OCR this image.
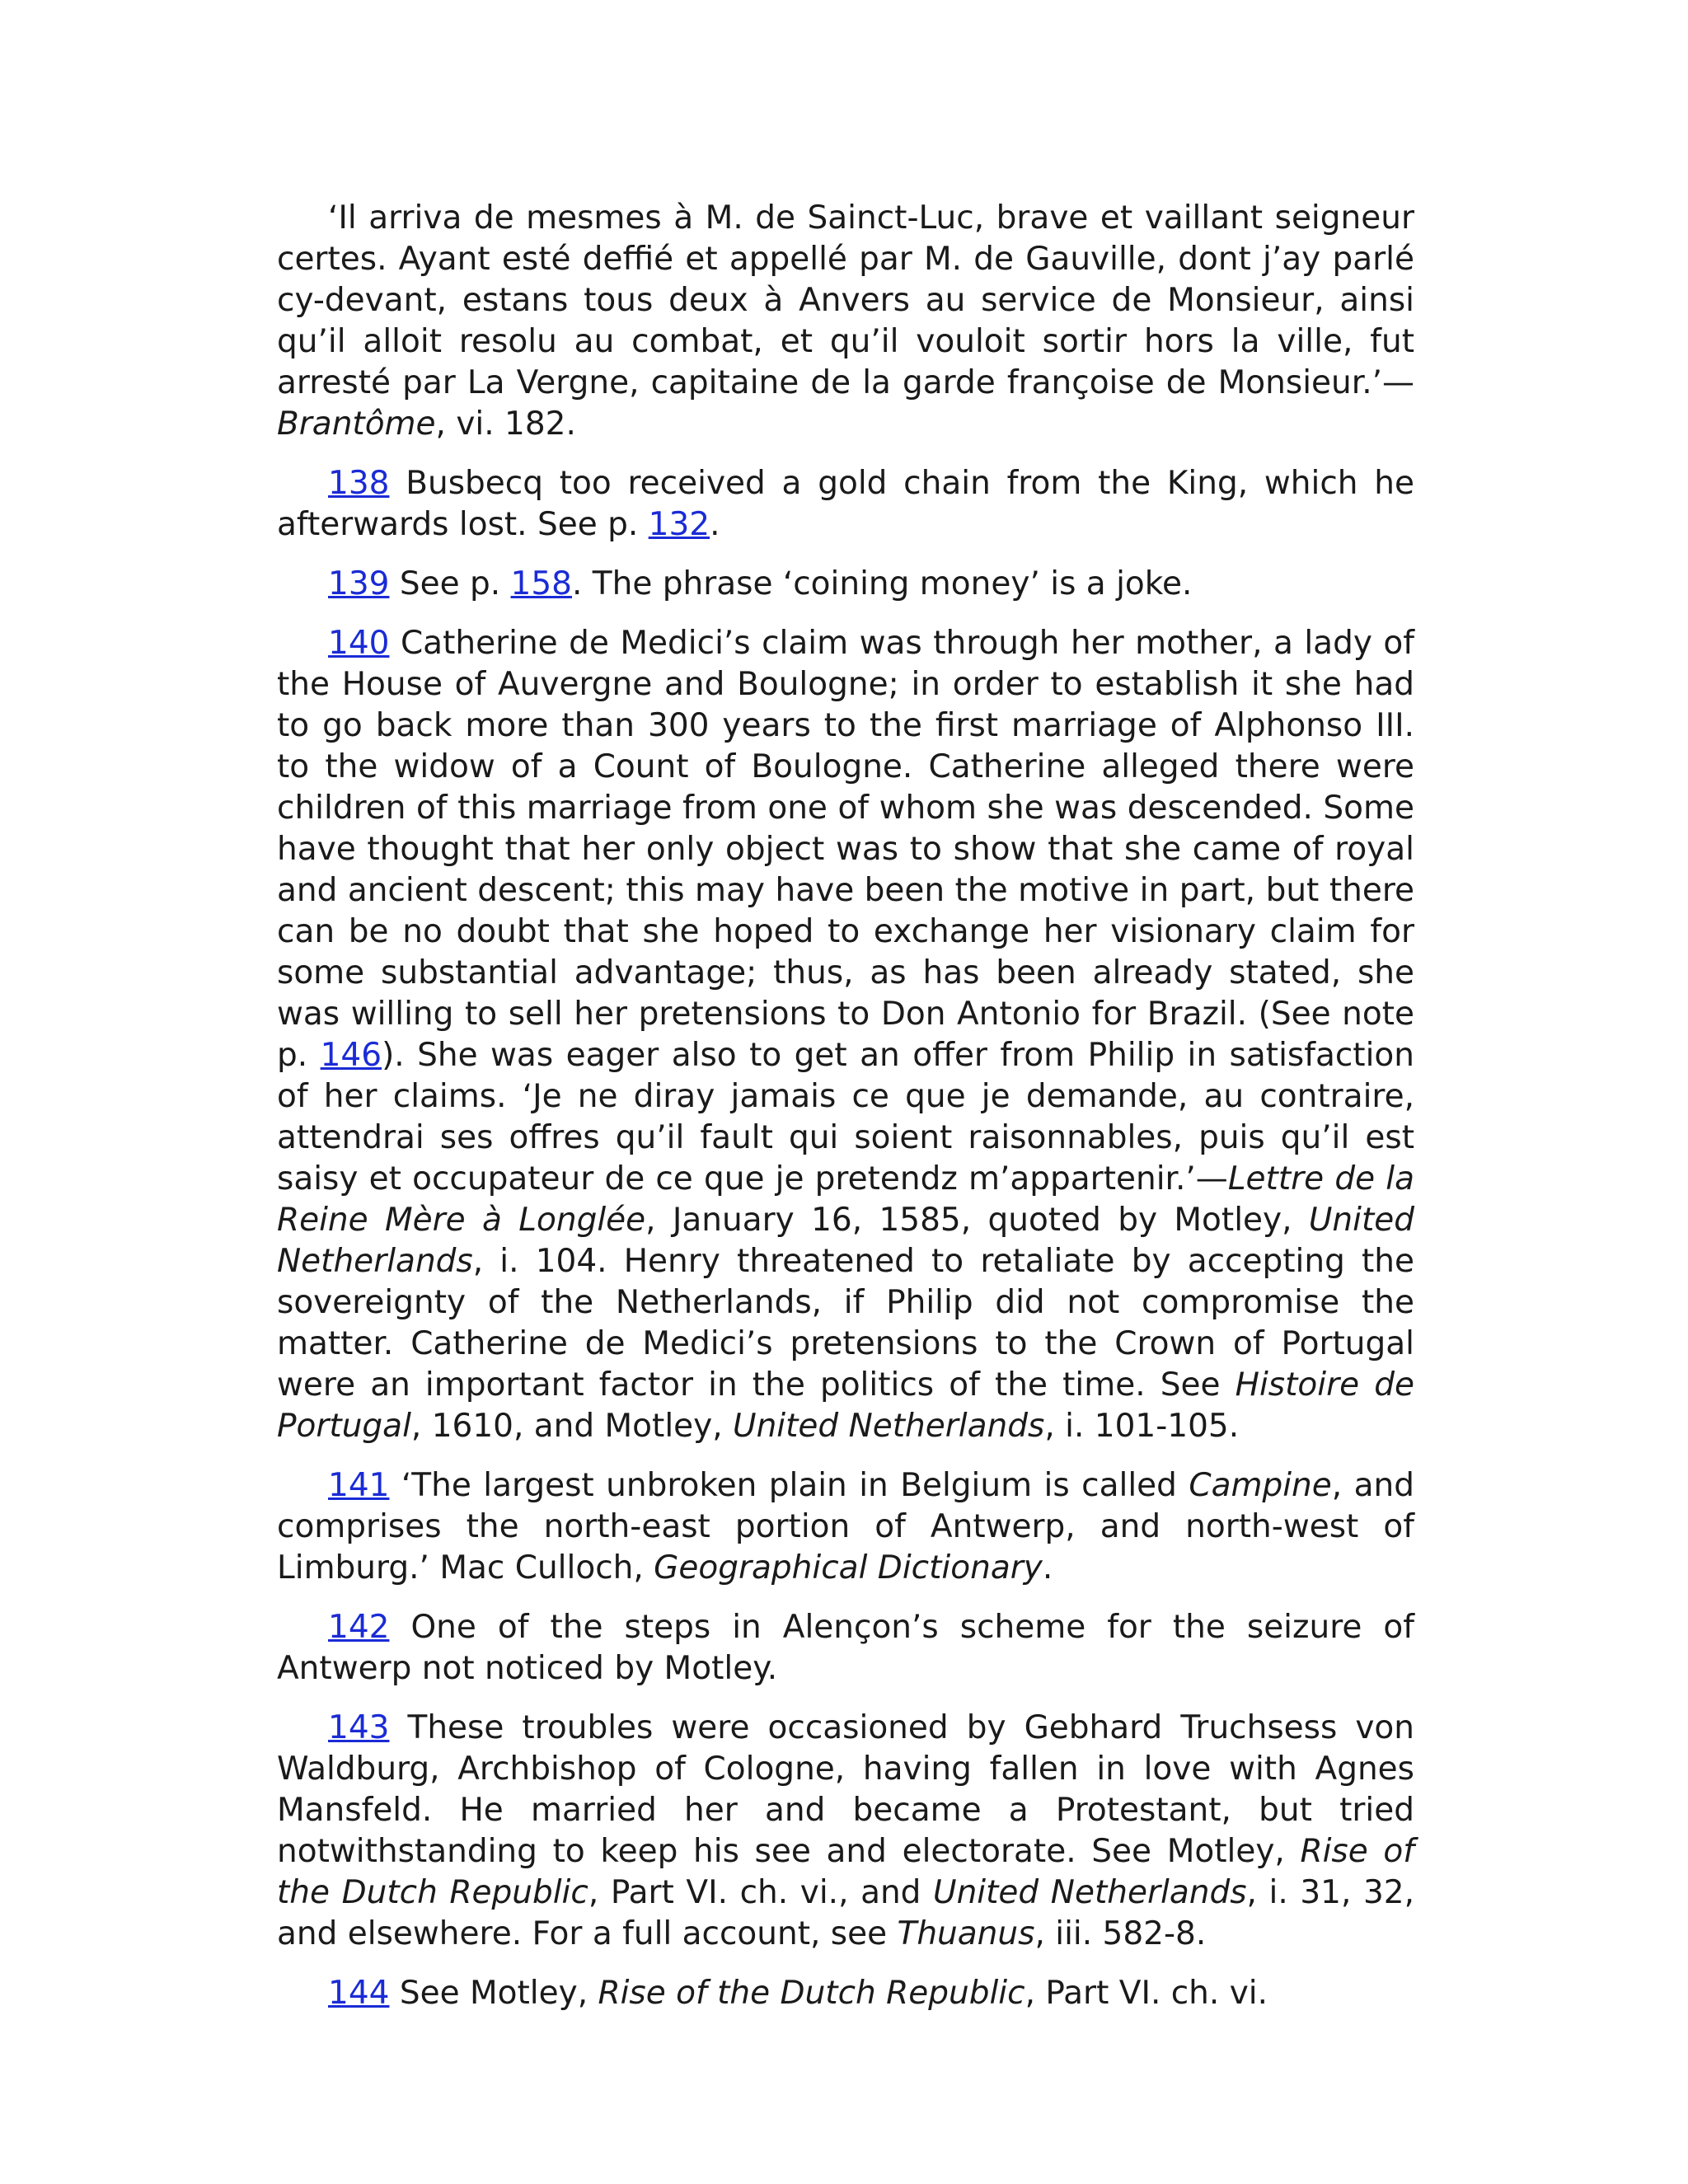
‘Il arriva de mesmes à M. de Sainct-Luc, brave et vaillant seigneur certes. Ayant esté deffié et appellé par M. de Gauville, dont j’ay parlé cy-devant, estans tous deux à Anvers au service de Monsieur, ainsi qu’il alloit resolu au combat, et qu’il vouloit sortir hors la ville, fut arresté par La Vergne, capitaine de la garde françoise de Monsieur.’—Brantôme, vi. 182.

138 Busbecq too received a gold chain from the King, which he afterwards lost. See p. 132.

139 See p. 158. The phrase ‘coining money’ is a joke.

140 Catherine de Medici’s claim was through her mother, a lady of the House of Auvergne and Boulogne; in order to establish it she had to go back more than 300 years to the first marriage of Alphonso III. to the widow of a Count of Boulogne. Catherine alleged there were children of this marriage from one of whom she was descended. Some have thought that her only object was to show that she came of royal and ancient descent; this may have been the motive in part, but there can be no doubt that she hoped to exchange her visionary claim for some substantial advantage; thus, as has been already stated, she was willing to sell her pretensions to Don Antonio for Brazil. (See note p. 146). She was eager also to get an offer from Philip in satisfaction of her claims. ‘Je ne diray jamais ce que je demande, au contraire, attendrai ses offres qu’il fault qui soient raisonnables, puis qu’il est saisy et occupateur de ce que je pretendz m’appartenir.’—Lettre de la Reine Mère à Longlée, January 16, 1585, quoted by Motley, United Netherlands, i. 104. Henry threatened to retaliate by accepting the sovereignty of the Netherlands, if Philip did not compromise the matter. Catherine de Medici’s pretensions to the Crown of Portugal were an important factor in the politics of the time. See Histoire de Portugal, 1610, and Motley, United Netherlands, i. 101-105.

141 ‘The largest unbroken plain in Belgium is called Campine, and comprises the north-east portion of Antwerp, and north-west of Limburg.’ Mac Culloch, Geographical Dictionary.

142 One of the steps in Alençon’s scheme for the seizure of Antwerp not noticed by Motley.

143 These troubles were occasioned by Gebhard Truchsess von Waldburg, Archbishop of Cologne, having fallen in love with Agnes Mansfeld. He married her and became a Protestant, but tried notwithstanding to keep his see and electorate. See Motley, Rise of the Dutch Republic, Part VI. ch. vi., and United Netherlands, i. 31, 32, and elsewhere. For a full account, see Thuanus, iii. 582-8.

144 See Motley, Rise of the Dutch Republic, Part VI. ch. vi.
